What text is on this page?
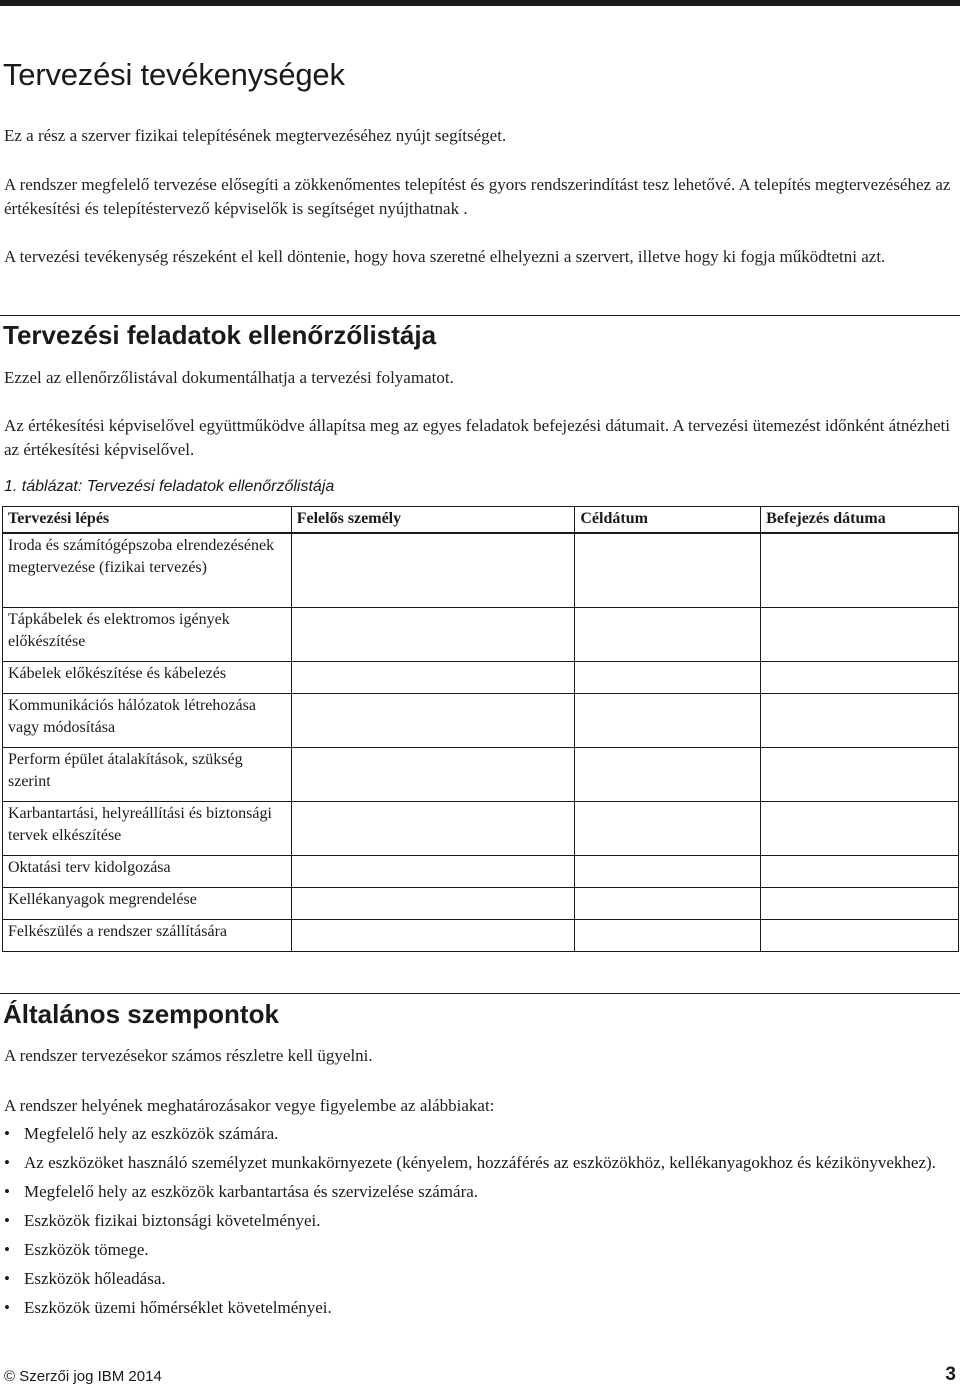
Tervezési tevékenységek

Ez a rész a szerver fizikai telepítésének megtervezéséhez nyújt segítséget.

A rendszer megfelelő tervezése elősegíti a zökkenőmentes telepítést és gyors rendszerindítást tesz lehetővé. A telepítés megtervezéséhez az értékesítési és telepítéstervező képviselők is segítséget nyújthatnak .

A tervezési tevékenység részeként el kell döntenie, hogy hova szeretné elhelyezni a szervert, illetve hogy ki fogja működtetni azt.

Tervezési feladatok ellenőrzőlistája

Ezzel az ellenőrzőlistával dokumentálhatja a tervezési folyamatot.

Az értékesítési képviselővel együttműködve állapítsa meg az egyes feladatok befejezési dátumait. A tervezési ütemezést időnként átnézheti az értékesítési képviselővel.

1. táblázat: Tervezési feladatok ellenőrzőlistája
Tervezési lépés	Felelős személy	Céldátum	Befejezés dátuma
Iroda és számítógépszoba elrendezésének megtervezése (fizikai tervezés)			
Tápkábelek és elektromos igények előkészítése			
Kábelek előkészítése és kábelezés			
Kommunikációs hálózatok létrehozása vagy módosítása			
Perform épület átalakítások, szükség szerint			
Karbantartási, helyreállítási és biztonsági tervek elkészítése			
Oktatási terv kidolgozása			
Kellékanyagok megrendelése			
Felkészülés a rendszer szállítására			
Általános szempontok

A rendszer tervezésekor számos részletre kell ügyelni.

A rendszer helyének meghatározásakor vegye figyelembe az alábbiakat:

• Megfelelő hely az eszközök számára.
• Az eszközöket használó személyzet munkakörnyezete (kényelem, hozzáférés az eszközökhöz, kellékanyagokhoz és kézikönyvekhez).
• Megfelelő hely az eszközök karbantartása és szervizelése számára.
• Eszközök fizikai biztonsági követelményei.
• Eszközök tömege.
• Eszközök hőleadása.
• Eszközök üzemi hőmérséklet követelményei.
© Szerzői jog IBM 2014	3
